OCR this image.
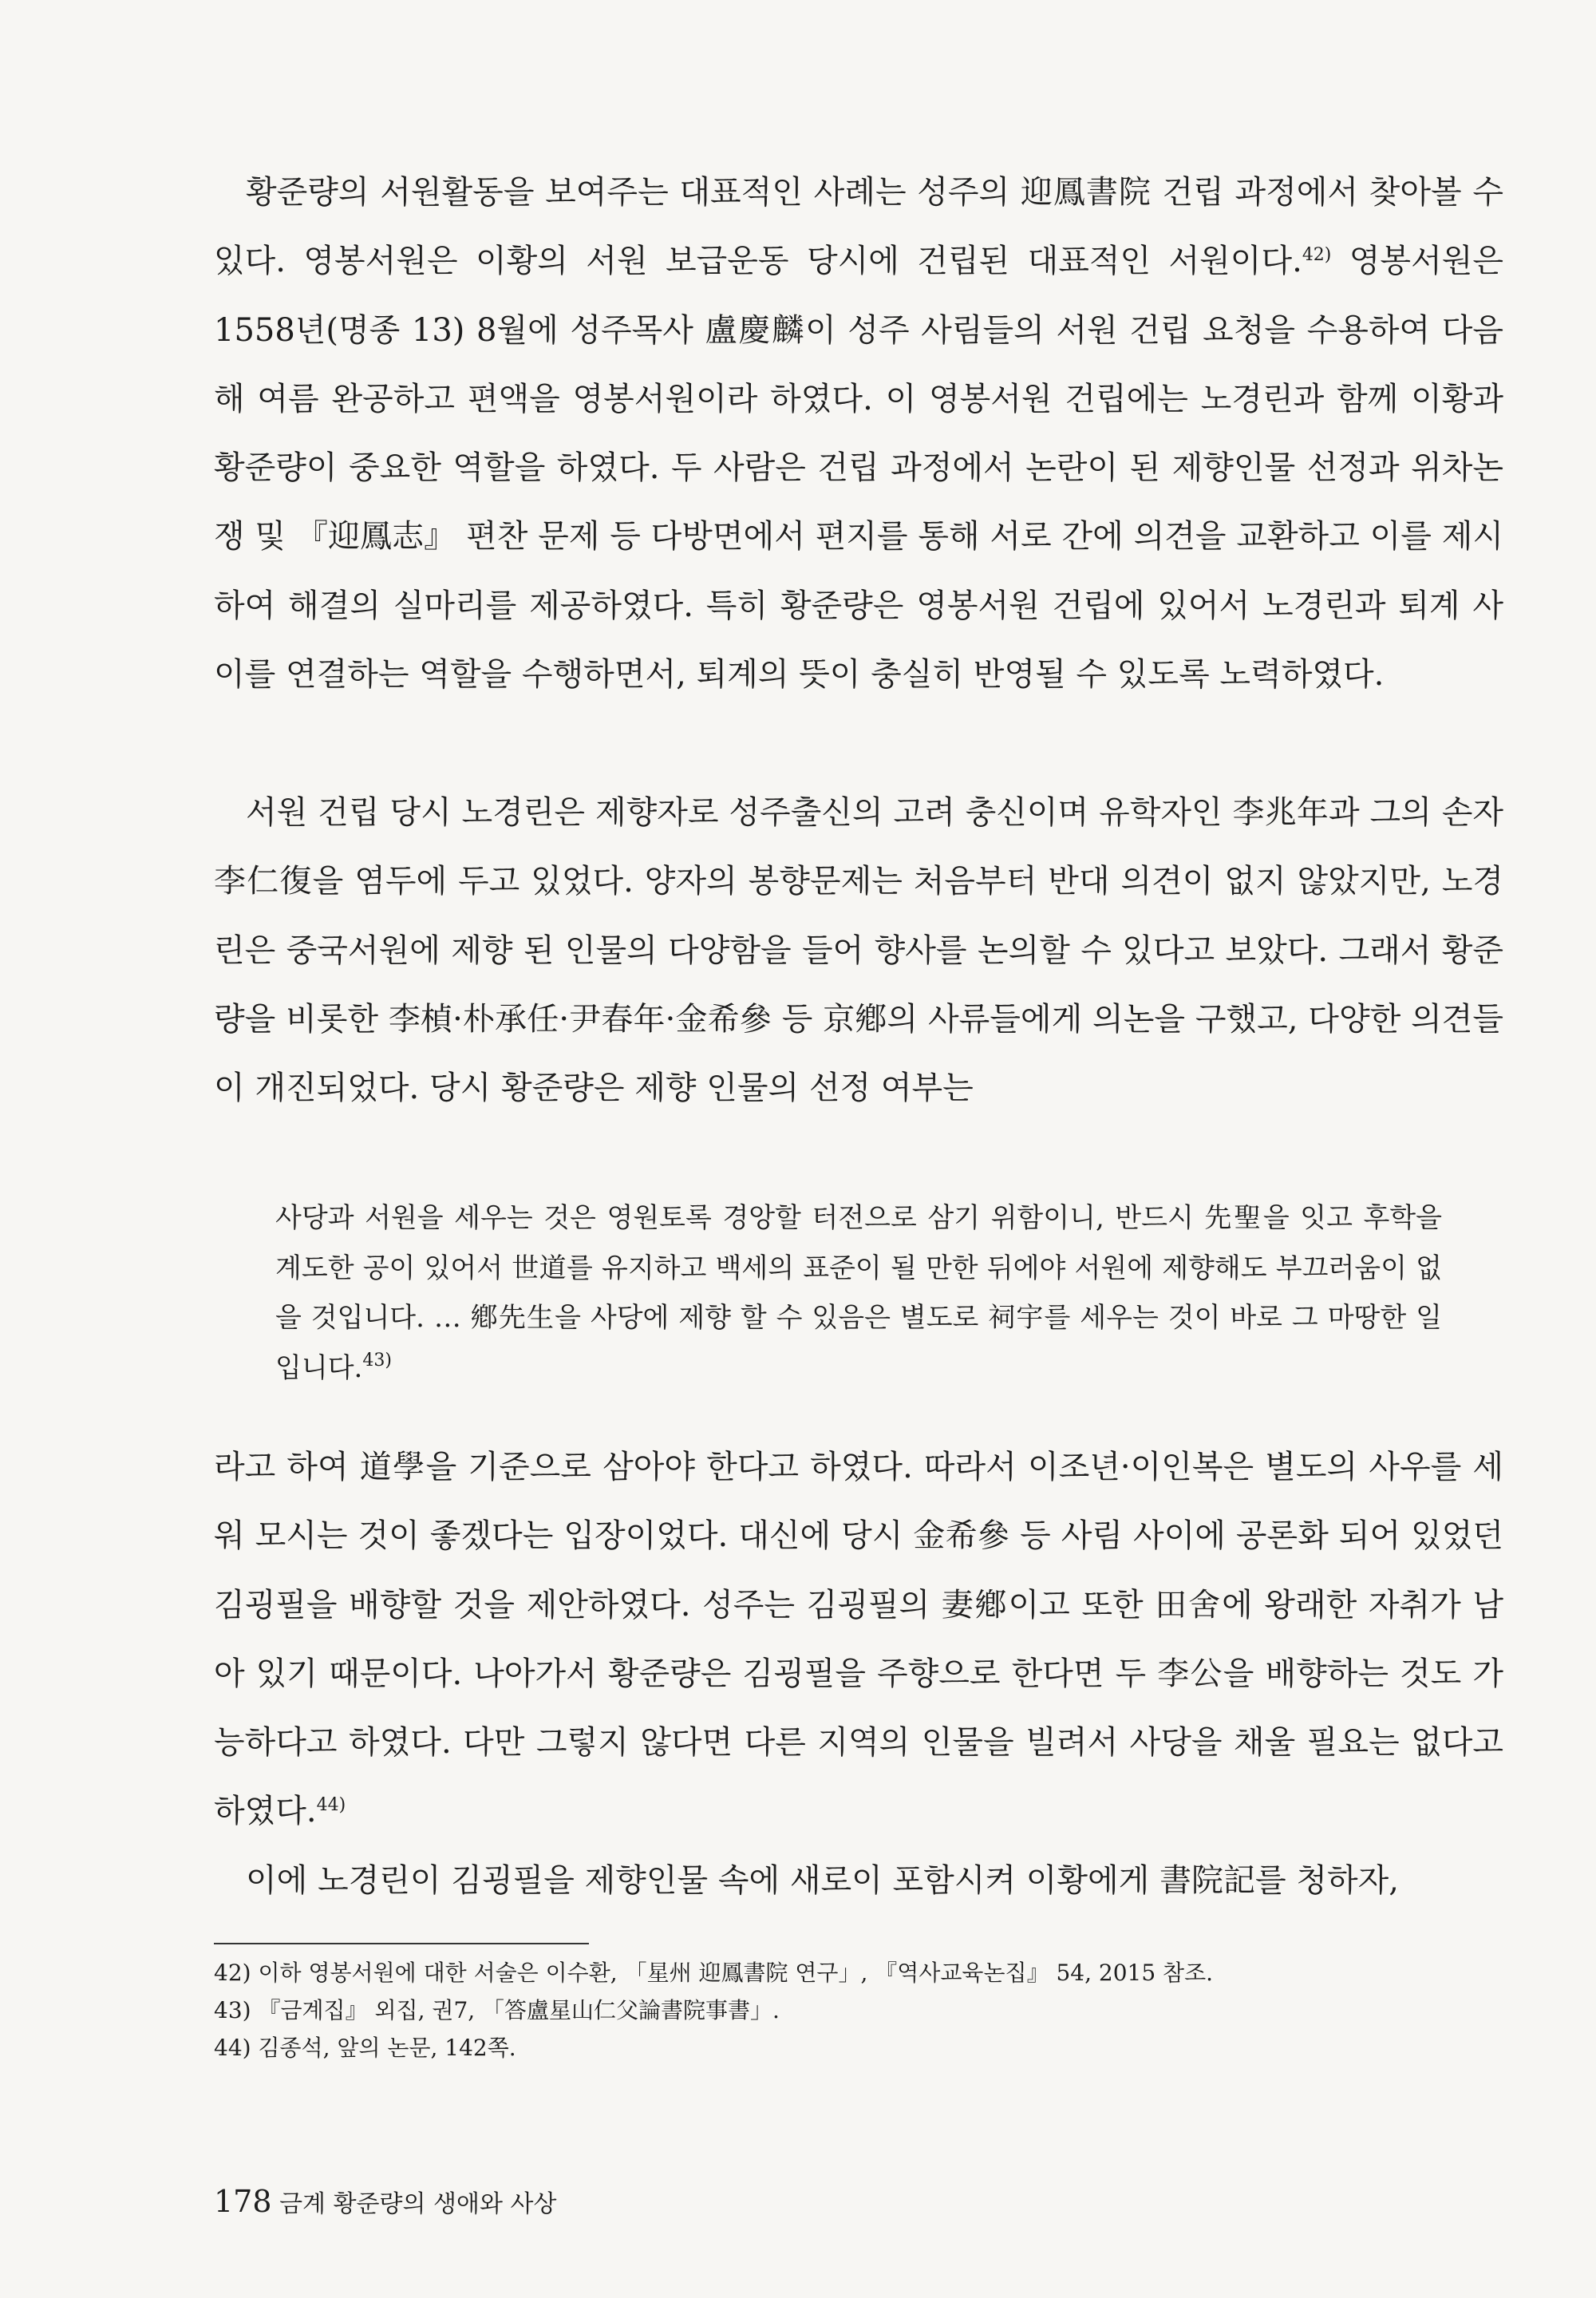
황준량의 서원활동을 보여주는 대표적인 사례는 성주의 迎鳳書院 건립 과정에서 찾아볼 수 있다. 영봉서원은 이황의 서원 보급운동 당시에 건립된 대표적인 서원이다.$^{42)}$ 영봉서원은 1558년(명종 13) 8월에 성주목사 盧慶麟이 성주 사림들의 서원 건립 요청을 수용하여 다음해 여름 완공하고 편액을 영봉서원이라 하였다. 이 영봉서원 건립에는 노경린과 함께 이황과 황준량이 중요한 역할을 하였다. 두 사람은 건립 과정에서 논란이 된 제향인물 선정과 위차논쟁 및 『迎鳳志』 편찬 문제 등 다방면에서 편지를 통해 서로 간에 의견을 교환하고 이를 제시하여 해결의 실마리를 제공하였다. 특히 황준량은 영봉서원 건립에 있어서 노경린과 퇴계 사이를 연결하는 역할을 수행하면서, 퇴계의 뜻이 충실히 반영될 수 있도록 노력하였다.

서원 건립 당시 노경린은 제향자로 성주출신의 고려 충신이며 유학자인 李兆年과 그의 손자 李仁復을 염두에 두고 있었다. 양자의 봉향문제는 처음부터 반대 의견이 없지 않았지만, 노경린은 중국서원에 제향 된 인물의 다양함을 들어 향사를 논의할 수 있다고 보았다. 그래서 황준량을 비롯한 李楨·朴承任·尹春年·金希參 등 京鄕의 사류들에게 의논을 구했고, 다양한 의견들이 개진되었다. 당시 황준량은 제향 인물의 선정 여부는

사당과 서원을 세우는 것은 영원토록 경앙할 터전으로 삼기 위함이니, 반드시 先聖을 잇고 후학을 계도한 공이 있어서 世道를 유지하고 백세의 표준이 될 만한 뒤에야 서원에 제향해도 부끄러움이 없을 것입니다. … 鄕先生을 사당에 제향 할 수 있음은 별도로 祠宇를 세우는 것이 바로 그 마땅한 일입니다.$^{43)}$

라고 하여 道學을 기준으로 삼아야 한다고 하였다. 따라서 이조년·이인복은 별도의 사우를 세워 모시는 것이 좋겠다는 입장이었다. 대신에 당시 金希參 등 사림 사이에 공론화 되어 있었던 김굉필을 배향할 것을 제안하였다. 성주는 김굉필의 妻鄕이고 또한 田舍에 왕래한 자취가 남아 있기 때문이다. 나아가서 황준량은 김굉필을 주향으로 한다면 두 李公을 배향하는 것도 가능하다고 하였다. 다만 그렇지 않다면 다른 지역의 인물을 빌려서 사당을 채울 필요는 없다고 하였다.$^{44)}$

이에 노경린이 김굉필을 제향인물 속에 새로이 포함시켜 이황에게 書院記를 청하자,

42) 이하 영봉서원에 대한 서술은 이수환, 「星州 迎鳳書院 연구」, 『역사교육논집』 54, 2015 참조.

43) 『금계집』 외집, 권7, 「答盧星山仁父論書院事書」.

44) 김종석, 앞의 논문, 142쪽.

178 금계 황준량의 생애와 사상
